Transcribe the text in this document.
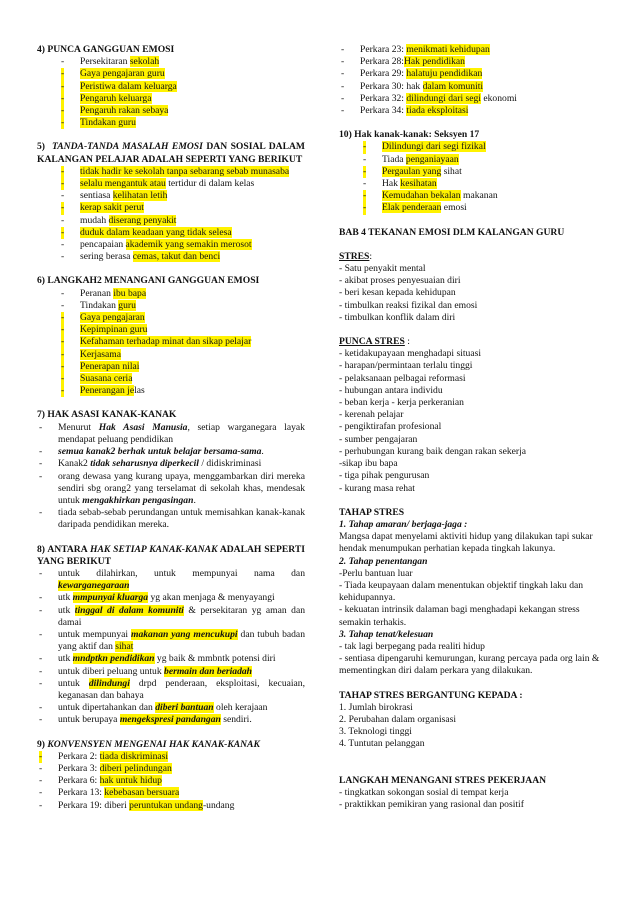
4) PUNCA GANGGUAN EMOSI
- Persekitaran sekolah
- Gaya pengajaran guru
- Peristiwa dalam keluarga
- Pengaruh keluarga
- Pengaruh rakan sebaya
- Tindakan guru
5)  TANDA-TANDA MASALAH EMOSI DAN SOSIAL DALAM KALANGAN PELAJAR ADALAH SEPERTI YANG BERIKUT
- tidak hadir ke sekolah tanpa sebarang sebab munasaba
- selalu mengantuk atau tertidur di dalam kelas
- sentiasa kelihatan letih
- kerap sakit perut
- mudah diserang penyakit
- duduk dalam keadaan yang tidak selesa
- pencapaian akademik yang semakin merosot
- sering berasa cemas, takut dan benci
6) LANGKAH2 MENANGANI GANGGUAN EMOSI
- Peranan ibu bapa
- Tindakan guru
- Gaya pengajaran
- Kepimpinan guru
- Kefahaman terhadap minat dan sikap pelajar
- Kerjasama
- Penerapan nilai
- Suasana ceria
- Penerangan jelas
7) HAK ASASI KANAK-KANAK
- Menurut Hak Asasi Manusia, setiap warganegara layak mendapat peluang pendidikan
- semua kanak2 berhak untuk belajar bersama-sama.
- Kanak2 tidak seharusnya diperkecil / didiskriminasi
- orang dewasa yang kurang upaya, menggambarkan diri mereka sendiri sbg orang2 yang terselamat di sekolah khas, mendesak untuk mengakhirkan pengasingan.
- tiada sebab-sebab perundangan untuk memisahkan kanak-kanak daripada pendidikan mereka.
8) ANTARA HAK SETIAP KANAK-KANAK ADALAH SEPERTI YANG BERIKUT
- untuk dilahirkan, untuk mempunyai nama dan kewarganegaraan
- utk mmpunyai kluarga yg akan menjaga & menyayangi
- utk tinggal di dalam komuniti & persekitaran yg aman dan damai
- untuk mempunyai makanan yang mencukupi dan tubuh badan yang aktif dan sihat
- utk mndptkn pendidikan yg baik & mmbntk potensi diri
- untuk diberi peluang untuk bermain dan beriadah
- untuk dilindungi drpd penderaan, eksploitasi, kecuaian, keganasan dan bahaya
- untuk dipertahankan dan diberi bantuan oleh kerajaan
- untuk berupaya mengekspresi pandangan sendiri.
9) KONVENSYEN MENGENAI HAK KANAK-KANAK
- Perkara 2: tiada diskriminasi
- Perkara 3: diberi pelindungan
- Perkara 6: hak untuk hidup
- Perkara 13: kebebasan bersuara
- Perkara 19: diberi peruntukan undang-undang
- Perkara 23: menikmati kehidupan
- Perkara 28:Hak pendidikan
- Perkara 29: halatuju pendidikan
- Perkara 30: hak dalam komuniti
- Perkara 32: dilindungi dari segi ekonomi
- Perkara 34: tiada eksploitasi
10) Hak kanak-kanak: Seksyen 17
- Dilindungi dari segi fizikal
- Tiada penganiayaan
- Pergaulan yang sihat
- Hak kesihatan
- Kemudahan bekalan makanan
- Elak penderaan emosi
BAB 4 TEKANAN EMOSI DLM KALANGAN GURU
STRES:
- Satu penyakit mental
- akibat proses penyesuaian diri
- beri kesan kepada kehidupan
- timbulkan reaksi fizikal dan emosi
- timbulkan konflik dalam diri
PUNCA STRES :
- ketidakupayaan menghadapi situasi
- harapan/permintaan terlalu tinggi
- pelaksanaan pelbagai reformasi
- hubungan antara individu
- beban kerja - kerja perkeranian
- kerenah pelajar
- pengiktirafan profesional
- sumber pengajaran
- perhubungan kurang baik dengan rakan sekerja
-sikap ibu bapa
- tiga pihak pengurusan
- kurang masa rehat
TAHAP STRES
1. Tahap amaran/ berjaga-jaga :
Mangsa dapat menyelami aktiviti hidup yang dilakukan tapi sukar hendak menumpukan perhatian kepada tingkah lakunya.
2. Tahap penentangan
-Perlu bantuan luar
- Tiada keupayaan dalam menentukan objektif tingkah laku dan kehidupannya.
- kekuatan intrinsik dalaman bagi menghadapi kekangan stress semakin terhakis.
3. Tahap tenat/kelesuan
- tak lagi berpegang pada realiti hidup
- sentiasa dipengaruhi kemurungan, kurang percaya pada org lain & mementingkan diri dalam perkara yang dilakukan.
TAHAP STRES BERGANTUNG KEPADA :
1. Jumlah birokrasi
2. Perubahan dalam organisasi
3. Teknologi tinggi
4. Tuntutan pelanggan
LANGKAH MENANGANI STRES PEKERJAAN
- tingkatkan sokongan sosial di tempat kerja
- praktikkan pemikiran yang rasional dan positif
